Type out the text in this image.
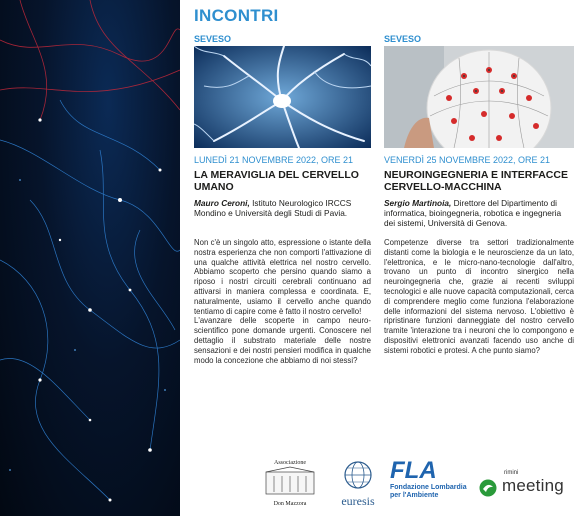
INCONTRI
SEVESO
LUNEDÌ 21 NOVEMBRE 2022, ORE 21
LA MERAVIGLIA DEL CERVELLO UMANO
Mauro Ceroni, Istituto Neurologico IRCCS Mondino e Università degli Studi di Pavia.

Non c'è un singolo atto, espressione o istante della nostra esperienza che non comporti l'attivazione di una qualche attività elettrica nel nostro cervello. Abbiamo scoperto che persino quando siamo a riposo i nostri circuiti cerebrali continuano ad attivarsi in maniera complessa e coordinata. E, naturalmente, usiamo il cervello anche quando tentiamo di capire come è fatto il nostro cervello!

L'avanzare delle scoperte in campo neuro-scientifico pone domande urgenti. Conoscere nel dettaglio il substrato materiale delle nostre sensazioni e dei nostri pensieri modifica in qualche modo la concezione che abbiamo di noi stessi?

SEVESO
VENERDÌ 25 NOVEMBRE 2022, ORE 21
NEUROINGEGNERIA E INTERFACCE CERVELLO-MACCHINA
Sergio Martinoia, Direttore del Dipartimento di informatica, bioingegneria, robotica e ingegneria dei sistemi, Università di Genova.

Competenze diverse tra settori tradizionalmente distanti come la biologia e le neuroscienze da un lato, l'elettronica, e le micro-nano-tecnologie dall'altro, trovano un punto di incontro sinergico nella neuroingegneria che, grazie ai recenti sviluppi tecnologici e alle nuove capacità computazionali, cerca di comprendere meglio come funziona l'elaborazione delle informazioni del sistema nervoso. L'obiettivo è ripristinare funzioni danneggiate del nostro cervello tramite 'interazione tra i neuroni che lo compongono e dispositivi elettronici avanzati facendo uso anche di sistemi robotici e protesi. A che punto siamo?

Associazione
Don Mazzora	euresis
FLA
Fondazione Lombardia
per l'Ambiente
rimini
meeting
